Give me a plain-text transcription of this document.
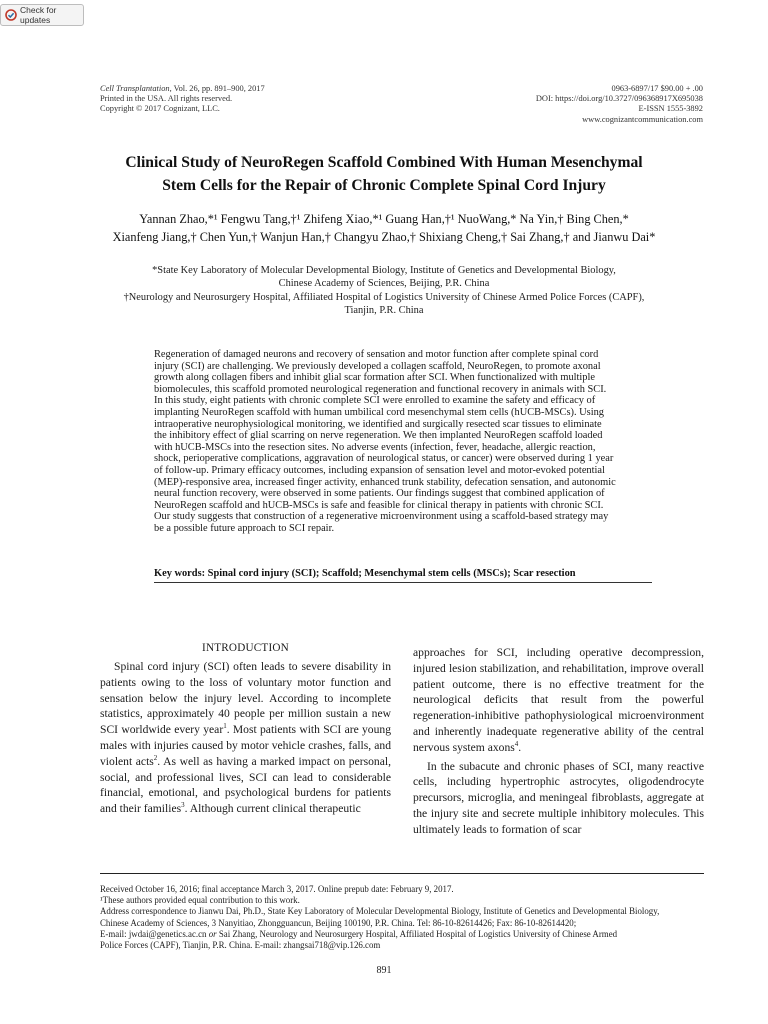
Check for updates
Cell Transplantation, Vol. 26, pp. 891–900, 2017
Printed in the USA. All rights reserved.
Copyright © 2017 Cognizant, LLC.
0963-6897/17 $90.00 + .00
DOI: https://doi.org/10.3727/096368917X695038
E-ISSN 1555-3892
www.cognizantcommunication.com
Clinical Study of NeuroRegen Scaffold Combined With Human Mesenchymal
Stem Cells for the Repair of Chronic Complete Spinal Cord Injury
Yannan Zhao,*¹ Fengwu Tang,†¹ Zhifeng Xiao,*¹ Guang Han,†¹ NuoWang,* Na Yin,† Bing Chen,*
Xianfeng Jiang,† Chen Yun,† Wanjun Han,† Changyu Zhao,† Shixiang Cheng,† Sai Zhang,† and Jianwu Dai*
*State Key Laboratory of Molecular Developmental Biology, Institute of Genetics and Developmental Biology,
Chinese Academy of Sciences, Beijing, P.R. China
†Neurology and Neurosurgery Hospital, Affiliated Hospital of Logistics University of Chinese Armed Police Forces (CAPF),
Tianjin, P.R. China
Regeneration of damaged neurons and recovery of sensation and motor function after complete spinal cord
injury (SCI) are challenging. We previously developed a collagen scaffold, NeuroRegen, to promote axonal
growth along collagen fibers and inhibit glial scar formation after SCI. When functionalized with multiple
biomolecules, this scaffold promoted neurological regeneration and functional recovery in animals with SCI.
In this study, eight patients with chronic complete SCI were enrolled to examine the safety and efficacy of
implanting NeuroRegen scaffold with human umbilical cord mesenchymal stem cells (hUCB-MSCs). Using
intraoperative neurophysiological monitoring, we identified and surgically resected scar tissues to eliminate
the inhibitory effect of glial scarring on nerve regeneration. We then implanted NeuroRegen scaffold loaded
with hUCB-MSCs into the resection sites. No adverse events (infection, fever, headache, allergic reaction,
shock, perioperative complications, aggravation of neurological status, or cancer) were observed during 1 year
of follow-up. Primary efficacy outcomes, including expansion of sensation level and motor-evoked potential
(MEP)-responsive area, increased finger activity, enhanced trunk stability, defecation sensation, and autonomic
neural function recovery, were observed in some patients. Our findings suggest that combined application of
NeuroRegen scaffold and hUCB-MSCs is safe and feasible for clinical therapy in patients with chronic SCI.
Our study suggests that construction of a regenerative microenvironment using a scaffold-based strategy may
be a possible future approach to SCI repair.
Key words: Spinal cord injury (SCI); Scaffold; Mesenchymal stem cells (MSCs); Scar resection
INTRODUCTION

Spinal cord injury (SCI) often leads to severe disability in patients owing to the loss of voluntary motor function and sensation below the injury level. According to incomplete statistics, approximately 40 people per million sustain a new SCI worldwide every year$^1$. Most patients with SCI are young males with injuries caused by motor vehicle crashes, falls, and violent acts$^2$. As well as having a marked impact on personal, social, and professional lives, SCI can lead to considerable financial, emotional, and psychological burdens for patients and their families$^3$. Although current clinical therapeutic

approaches for SCI, including operative decompression, injured lesion stabilization, and rehabilitation, improve overall patient outcome, there is no effective treatment for the neurological deficits that result from the powerful regeneration-inhibitive pathophysiological microenvironment and inherently inadequate regenerative ability of the central nervous system axons$^4$.

In the subacute and chronic phases of SCI, many reactive cells, including hypertrophic astrocytes, oligodendrocyte precursors, microglia, and meningeal fibroblasts, aggregate at the injury site and secrete multiple inhibitory molecules. This ultimately leads to formation of scar

Received October 16, 2016; final acceptance March 3, 2017. Online prepub date: February 9, 2017.
¹These authors provided equal contribution to this work.
Address correspondence to Jianwu Dai, Ph.D., State Key Laboratory of Molecular Developmental Biology, Institute of Genetics and Developmental Biology,
Chinese Academy of Sciences, 3 Nanyitiao, Zhongguancun, Beijing 100190, P.R. China. Tel: 86-10-82614426; Fax: 86-10-82614420;
E-mail: jwdai@genetics.ac.cn or Sai Zhang, Neurology and Neurosurgery Hospital, Affiliated Hospital of Logistics University of Chinese Armed
Police Forces (CAPF), Tianjin, P.R. China. E-mail: zhangsai718@vip.126.com
891
